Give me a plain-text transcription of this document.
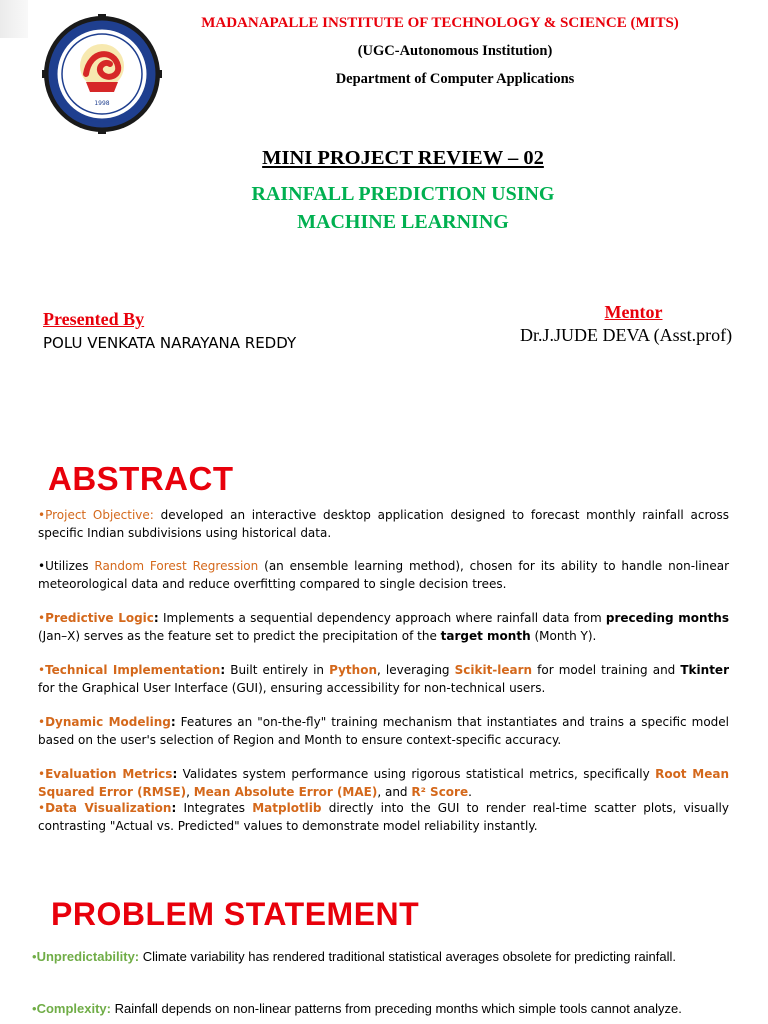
1998
MADANAPALLE INSTITUTE OF TECHNOLOGY & SCIENCE (MITS)
(UGC-Autonomous Institution)
Department of Computer Applications
MINI PROJECT REVIEW – 02
RAINFALL PREDICTION USING
MACHINE LEARNING
Presented By
POLU VENKATA NARAYANA REDDY
Mentor
Dr.J.JUDE DEVA (Asst.prof)
ABSTRACT
•Project Objective: developed an interactive desktop application designed to forecast monthly rainfall across specific Indian subdivisions using historical data.
•Utilizes Random Forest Regression (an ensemble learning method), chosen for its ability to handle non-linear meteorological data and reduce overfitting compared to single decision trees.
•Predictive Logic: Implements a sequential dependency approach where rainfall data from preceding months (Jan–X) serves as the feature set to predict the precipitation of the target month (Month Y).
•Technical Implementation: Built entirely in Python, leveraging Scikit-learn for model training and Tkinter for the Graphical User Interface (GUI), ensuring accessibility for non-technical users.
•Dynamic Modeling: Features an "on-the-fly" training mechanism that instantiates and trains a specific model based on the user's selection of Region and Month to ensure context-specific accuracy.
•Evaluation Metrics: Validates system performance using rigorous statistical metrics, specifically Root Mean Squared Error (RMSE), Mean Absolute Error (MAE), and R² Score.
•Data Visualization: Integrates Matplotlib directly into the GUI to render real-time scatter plots, visually contrasting "Actual vs. Predicted" values to demonstrate model reliability instantly.
PROBLEM STATEMENT
•Unpredictability: Climate variability has rendered traditional statistical averages obsolete for predicting rainfall.
•Complexity: Rainfall depends on non-linear patterns from preceding months which simple tools cannot analyze.
